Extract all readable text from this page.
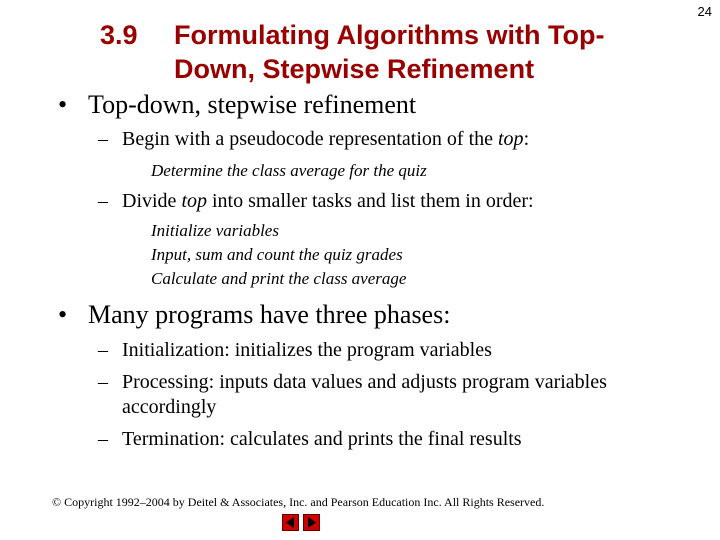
24
3.9 Formulating Algorithms with Top-
Down, Stepwise Refinement
• Top-down, stepwise refinement
– Begin with a pseudocode representation of the top:
Determine the class average for the quiz
– Divide top into smaller tasks and list them in order:
Initialize variables
Input, sum and count the quiz grades
Calculate and print the class average
• Many programs have three phases:
– Initialization: initializes the program variables
– Processing: inputs data values and adjusts program variables
accordingly
– Termination: calculates and prints the final results
© Copyright 1992–2004 by Deitel & Associates, Inc. and Pearson Education Inc. All Rights Reserved.
